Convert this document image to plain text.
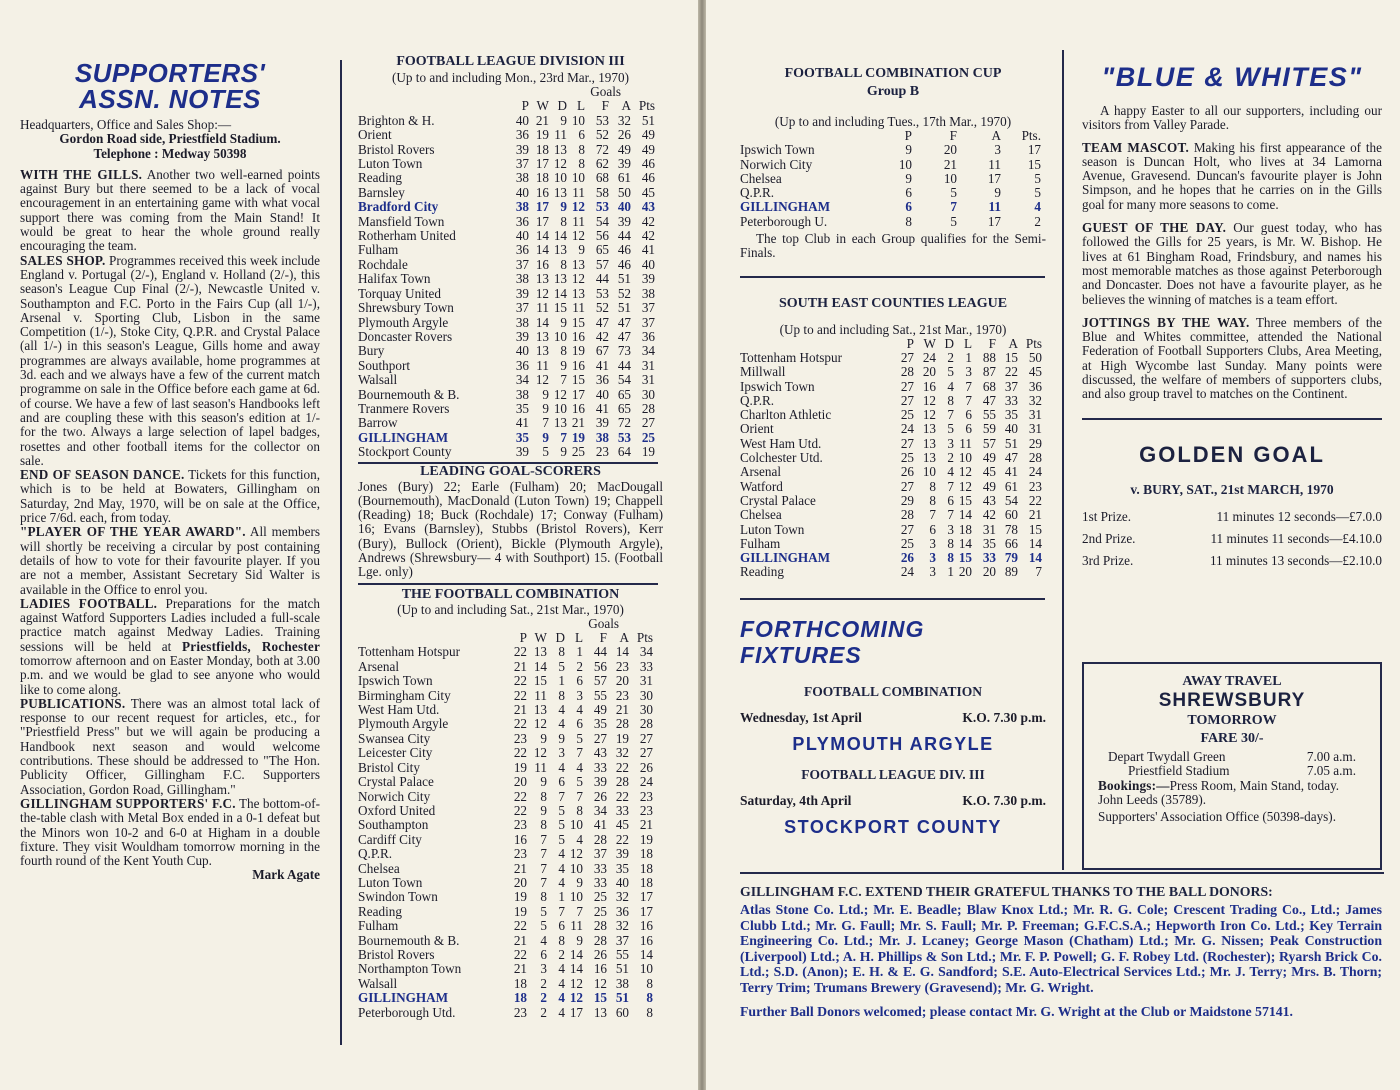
SUPPORTERS'
ASSN. NOTES

Headquarters, Office and Sales Shop:—

Gordon Road side, Priestfield Stadium.

Telephone : Medway 50398

WITH THE GILLS. Another two well-earned points against Bury but there seemed to be a lack of vocal encouragement in an entertaining game with what vocal support there was coming from the Main Stand! It would be great to hear the whole ground really encouraging the team.

SALES SHOP. Programmes received this week include England v. Portugal (2/-), England v. Holland (2/-), this season's League Cup Final (2/-), Newcastle United v. Southampton and F.C. Porto in the Fairs Cup (all 1/-), Arsenal v. Sporting Club, Lisbon in the same Competition (1/-), Stoke City, Q.P.R. and Crystal Palace (all 1/-) in this season's League, Gills home and away programmes are always available, home programmes at 3d. each and we always have a few of the current match programme on sale in the Office before each game at 6d. of course. We have a few of last season's Handbooks left and are coupling these with this season's edition at 1/- for the two. Always a large selection of lapel badges, rosettes and other football items for the collector on sale.

END OF SEASON DANCE. Tickets for this function, which is to be held at Bowaters, Gillingham on Saturday, 2nd May, 1970, will be on sale at the Office, price 7/6d. each, from today.

"PLAYER OF THE YEAR AWARD". All members will shortly be receiving a circular by post containing details of how to vote for their favourite player. If you are not a member, Assistant Secretary Sid Walter is available in the Office to enrol you.

LADIES FOOTBALL. Preparations for the match against Watford Supporters Ladies included a full-scale practice match against Medway Ladies. Training sessions will be held at Priestfields, Rochester tomorrow afternoon and on Easter Monday, both at 3.00 p.m. and we would be glad to see anyone who would like to come along.

PUBLICATIONS. There was an almost total lack of response to our recent request for articles, etc., for "Priestfield Press" but we will again be producing a Handbook next season and would welcome contributions. These should be addressed to "The Hon. Publicity Officer, Gillingham F.C. Supporters Association, Gordon Road, Gillingham."

GILLINGHAM SUPPORTERS' F.C. The bottom-of-the-table clash with Metal Box ended in a 0-1 defeat but the Minors won 10-2 and 6-0 at Higham in a double fixture. They visit Wouldham tomorrow morning in the fourth round of the Kent Youth Cup.

Mark Agate

FOOTBALL LEAGUE DIVISION III
(Up to and including Mon., 23rd Mar., 1970)
Goals							
	P	W	D	L	F	A	Pts
Brighton & H.	40	21	9	10	53	32	51
Orient	36	19	11	6	52	26	49
Bristol Rovers	39	18	13	8	72	49	49
Luton Town	37	17	12	8	62	39	46
Reading	38	18	10	10	68	61	46
Barnsley	40	16	13	11	58	50	45
Bradford City	38	17	9	12	53	40	43
Mansfield Town	36	17	8	11	54	39	42
Rotherham United	40	14	14	12	56	44	42
Fulham	36	14	13	9	65	46	41
Rochdale	37	16	8	13	57	46	40
Halifax Town	38	13	13	12	44	51	39
Torquay United	39	12	14	13	53	52	38
Shrewsbury Town	37	11	15	11	52	51	37
Plymouth Argyle	38	14	9	15	47	47	37
Doncaster Rovers	39	13	10	16	42	47	36
Bury	40	13	8	19	67	73	34
Southport	36	11	9	16	41	44	31
Walsall	34	12	7	15	36	54	31
Bournemouth & B.	38	9	12	17	40	65	30
Tranmere Rovers	35	9	10	16	41	65	28
Barrow	41	7	13	21	39	72	27
GILLINGHAM	35	9	7	19	38	53	25
Stockport County	39	5	9	25	23	64	19
LEADING GOAL-SCORERS
Jones (Bury) 22; Earle (Fulham) 20; MacDougall (Bournemouth), MacDonald (Luton Town) 19; Chappell (Reading) 18; Buck (Rochdale) 17; Conway (Fulham) 16; Evans (Barnsley), Stubbs (Bristol Rovers), Kerr (Bury), Bullock (Orient), Bickle (Plymouth Argyle), Andrews (Shrewsbury— 4 with Southport) 15. (Football Lge. only)
THE FOOTBALL COMBINATION
(Up to and including Sat., 21st Mar., 1970)
Goals							
	P	W	D	L	F	A	Pts
Tottenham Hotspur	22	13	8	1	44	14	34
Arsenal	21	14	5	2	56	23	33
Ipswich Town	22	15	1	6	57	20	31
Birmingham City	22	11	8	3	55	23	30
West Ham Utd.	21	13	4	4	49	21	30
Plymouth Argyle	22	12	4	6	35	28	28
Swansea City	23	9	9	5	27	19	27
Leicester City	22	12	3	7	43	32	27
Bristol City	19	11	4	4	33	22	26
Crystal Palace	20	9	6	5	39	28	24
Norwich City	22	8	7	7	26	22	23
Oxford United	22	9	5	8	34	33	23
Southampton	23	8	5	10	41	45	21
Cardiff City	16	7	5	4	28	22	19
Q.P.R.	23	7	4	12	37	39	18
Chelsea	21	7	4	10	33	35	18
Luton Town	20	7	4	9	33	40	18
Swindon Town	19	8	1	10	25	32	17
Reading	19	5	7	7	25	36	17
Fulham	22	5	6	11	28	32	16
Bournemouth & B.	21	4	8	9	28	37	16
Bristol Rovers	22	6	2	14	26	55	14
Northampton Town	21	3	4	14	16	51	10
Walsall	18	2	4	12	12	38	8
GILLINGHAM	18	2	4	12	15	51	8
Peterborough Utd.	23	2	4	17	13	60	8
FOOTBALL COMBINATION CUP
Group B
(Up to and including Tues., 17th Mar., 1970)
	P	F	A	Pts.
Ipswich Town	9	20	3	17
Norwich City	10	21	11	15
Chelsea	9	10	17	5
Q.P.R.	6	5	9	5
GILLINGHAM	6	7	11	4
Peterborough U.	8	5	17	2
The top Club in each Group qualifies for the Semi-Finals.
SOUTH EAST COUNTIES LEAGUE
(Up to and including Sat., 21st Mar., 1970)
	P	W	D	L	F	A	Pts
Tottenham Hotspur	27	24	2	1	88	15	50
Millwall	28	20	5	3	87	22	45
Ipswich Town	27	16	4	7	68	37	36
Q.P.R.	27	12	8	7	47	33	32
Charlton Athletic	25	12	7	6	55	35	31
Orient	24	13	5	6	59	40	31
West Ham Utd.	27	13	3	11	57	51	29
Colchester Utd.	25	13	2	10	49	47	28
Arsenal	26	10	4	12	45	41	24
Watford	27	8	7	12	49	61	23
Crystal Palace	29	8	6	15	43	54	22
Chelsea	28	7	7	14	42	60	21
Luton Town	27	6	3	18	31	78	15
Fulham	25	3	8	14	35	66	14
GILLINGHAM	26	3	8	15	33	79	14
Reading	24	3	1	20	20	89	7
FORTHCOMING FIXTURES
FOOTBALL COMBINATION
Wednesday, 1st April	K.O. 7.30 p.m.
PLYMOUTH ARGYLE
FOOTBALL LEAGUE DIV. III
Saturday, 4th April	K.O. 7.30 p.m.
STOCKPORT COUNTY
"BLUE & WHITES"

A happy Easter to all our supporters, including our visitors from Valley Parade.

TEAM MASCOT. Making his first appearance of the season is Duncan Holt, who lives at 34 Lamorna Avenue, Gravesend. Duncan's favourite player is John Simpson, and he hopes that he carries on in the Gills goal for many more seasons to come.

GUEST OF THE DAY. Our guest today, who has followed the Gills for 25 years, is Mr. W. Bishop. He lives at 61 Bingham Road, Frindsbury, and names his most memorable matches as those against Peterborough and Doncaster. Does not have a favourite player, as he believes the winning of matches is a team effort.

JOTTINGS BY THE WAY. Three members of the Blue and Whites committee, attended the National Federation of Football Supporters Clubs, Area Meeting, at High Wycombe last Sunday. Many points were discussed, the welfare of members of supporters clubs, and also group travel to matches on the Continent.

GOLDEN GOAL
v. BURY, SAT., 21st MARCH, 1970
1st Prize.	11 minutes 12 seconds—£7.0.0
2nd Prize.	11 minutes 11 seconds—£4.10.0
3rd Prize.	11 minutes 13 seconds—£2.10.0
AWAY TRAVEL
SHREWSBURY
TOMORROW
FARE 30/-
Depart Twydall Green	7.00 a.m.
Priestfield Stadium	7.05 a.m.

Bookings:—Press Room, Main Stand, today.

John Leeds (35789).

Supporters' Association Office (50398-days).

GILLINGHAM F.C. EXTEND THEIR GRATEFUL THANKS TO THE BALL DONORS:
Atlas Stone Co. Ltd.; Mr. E. Beadle; Blaw Knox Ltd.; Mr. R. G. Cole; Crescent Trading Co., Ltd.; James Clubb Ltd.; Mr. G. Faull; Mr. S. Faull; Mr. P. Freeman; G.F.C.S.A.; Hepworth Iron Co. Ltd.; Key Terrain Engineering Co. Ltd.; Mr. J. Lcaney; George Mason (Chatham) Ltd.; Mr. G. Nissen; Peak Construction (Liverpool) Ltd.; A. H. Phillips & Son Ltd.; Mr. F. P. Powell; G. F. Robey Ltd. (Rochester); Ryarsh Brick Co. Ltd.; S.D. (Anon); E. H. & E. G. Sandford; S.E. Auto-Electrical Services Ltd.; Mr. J. Terry; Mrs. B. Thorn; Terry Trim; Trumans Brewery (Gravesend); Mr. G. Wright.
Further Ball Donors welcomed; please contact Mr. G. Wright at the Club or Maidstone 57141.
